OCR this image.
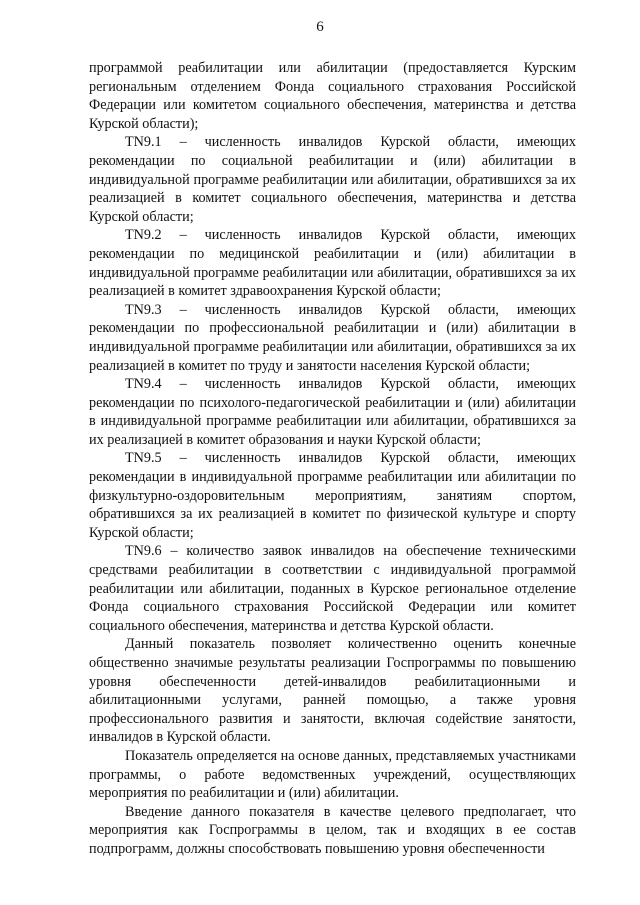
6

программой реабилитации или абилитации (предоставляется Курским региональным отделением Фонда социального страхования Российской Федерации или комитетом социального обеспечения, материнства и детства Курской области);

TN9.1 – численность инвалидов Курской области, имеющих рекомендации по социальной реабилитации и (или) абилитации в индивидуальной программе реабилитации или абилитации, обратившихся за их реализацией в комитет социального обеспечения, материнства и детства Курской области;

TN9.2 – численность инвалидов Курской области, имеющих рекомендации по медицинской реабилитации и (или) абилитации в индивидуальной программе реабилитации или абилитации, обратившихся за их реализацией в комитет здравоохранения Курской области;

TN9.3 – численность инвалидов Курской области, имеющих рекомендации по профессиональной реабилитации и (или) абилитации в индивидуальной программе реабилитации или абилитации, обратившихся за их реализацией в комитет по труду и занятости населения Курской области;

TN9.4 – численность инвалидов Курской области, имеющих рекомендации по психолого-педагогической реабилитации и (или) абилитации в индивидуальной программе реабилитации или абилитации, обратившихся за их реализацией в комитет образования и науки Курской области;

TN9.5 – численность инвалидов Курской области, имеющих рекомендации в индивидуальной программе реабилитации или абилитации по физкультурно-оздоровительным мероприятиям, занятиям спортом, обратившихся за их реализацией в комитет по физической культуре и спорту Курской области;

TN9.6 – количество заявок инвалидов на обеспечение техническими средствами реабилитации в соответствии с индивидуальной программой реабилитации или абилитации, поданных в Курское региональное отделение Фонда социального страхования Российской Федерации или комитет социального обеспечения, материнства и детства Курской области.

Данный показатель позволяет количественно оценить конечные общественно значимые результаты реализации Госпрограммы по повышению уровня обеспеченности детей-инвалидов реабилитационными и абилитационными услугами, ранней помощью, а также уровня профессионального развития и занятости, включая содействие занятости, инвалидов в Курской области.

Показатель определяется на основе данных, представляемых участниками программы, о работе ведомственных учреждений, осуществляющих мероприятия по реабилитации и (или) абилитации.

Введение данного показателя в качестве целевого предполагает, что мероприятия как Госпрограммы в целом, так и входящих в ее состав подпрограмм, должны способствовать повышению уровня обеспеченности
